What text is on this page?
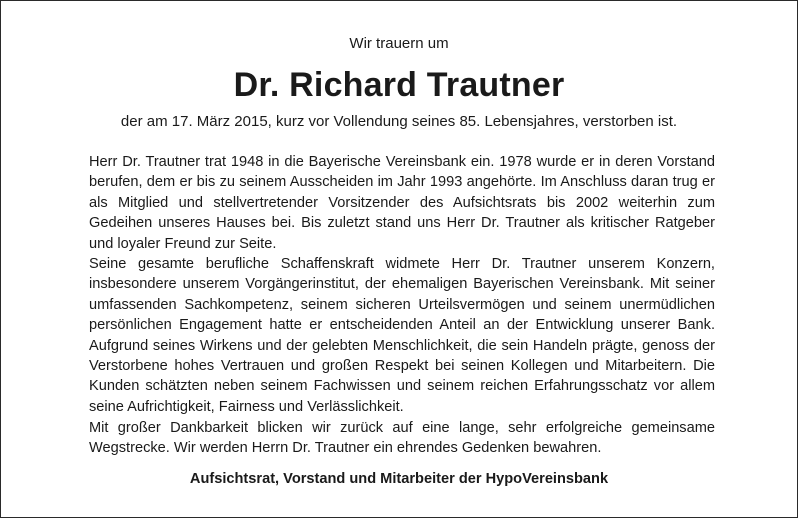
Wir trauern um
Dr. Richard Trautner
der am 17. März 2015, kurz vor Vollendung seines 85. Lebensjahres, verstorben ist.

Herr Dr. Trautner trat 1948 in die Bayerische Vereinsbank ein. 1978 wurde er in deren Vorstand berufen, dem er bis zu seinem Ausscheiden im Jahr 1993 angehörte. Im Anschluss daran trug er als Mitglied und stellvertretender Vorsitzender des Aufsichtsrats bis 2002 weiterhin zum Gedeihen unseres Hauses bei. Bis zuletzt stand uns Herr Dr. Trautner als kritischer Ratgeber und loyaler Freund zur Seite.

Seine gesamte berufliche Schaffenskraft widmete Herr Dr. Trautner unserem Konzern, insbesondere unserem Vorgängerinstitut, der ehemaligen Bayerischen Vereinsbank. Mit seiner umfassenden Sachkompetenz, seinem sicheren Urteilsvermögen und seinem unermüdlichen persönlichen Engagement hatte er entscheidenden Anteil an der Entwicklung unserer Bank. Aufgrund seines Wirkens und der gelebten Menschlichkeit, die sein Handeln prägte, genoss der Verstorbene hohes Vertrauen und großen Respekt bei seinen Kollegen und Mitarbeitern. Die Kunden schätzten neben seinem Fachwissen und seinem reichen Erfahrungsschatz vor allem seine Aufrichtigkeit, Fairness und Verlässlichkeit.

Mit großer Dankbarkeit blicken wir zurück auf eine lange, sehr erfolgreiche gemeinsame Wegstrecke. Wir werden Herrn Dr. Trautner ein ehrendes Gedenken bewahren.

Aufsichtsrat, Vorstand und Mitarbeiter der HypoVereinsbank
